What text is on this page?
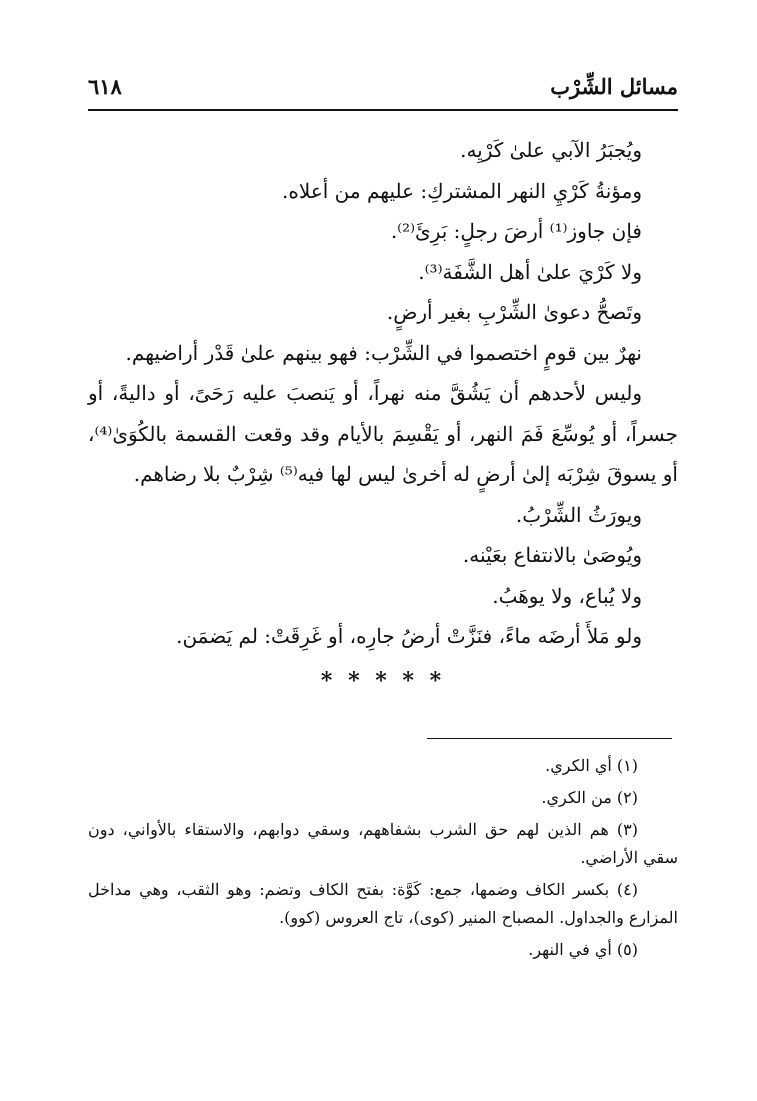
مسائل الشِّرْب
٦١٨

ويُجبَرُ الآبي علىٰ كَرْيِه.

ومؤنةُ كَرْيِ النهر المشتركِ: عليهم من أعلاه.

فإن جاوز⁽¹⁾ أرضَ رجلٍ: بَرِئَ⁽²⁾.

ولا كَرْيَ علىٰ أهل الشَّفَة⁽³⁾.

وتَصحُّ دعوىٰ الشِّرْبِ بغير أرضٍ.

نهرٌ بين قومٍ اختصموا في الشِّرْب: فهو بينهم علىٰ قَدْر أراضيهم.

وليس لأحدهم أن يَشُقَّ منه نهراً، أو يَنصبَ عليه رَحَىً، أو داليةً، أو جسراً، أو يُوسِّعَ فَمَ النهر، أو يَقْسِمَ بالأيام وقد وقعت القسمة بالكُوَىٰ⁽⁴⁾، أو يسوقَ شِرْبَه إلىٰ أرضٍ له أخرىٰ ليس لها فيه⁽⁵⁾ شِرْبٌ بلا رضاهم.

ويورَثُ الشِّرْبُ.

ويُوصَىٰ بالانتفاع بعَيْنه.

ولا يُباع، ولا يوهَبُ.

ولو مَلأَ أرضَه ماءً، فنَزَّتْ أرضُ جارِه، أو غَرِقَتْ: لم يَضمَن.

* * * * *

(١) أي الكري.

(٢) من الكري.

(٣) هم الذين لهم حق الشرب بشفاههم، وسقي دوابهم، والاستقاء بالأواني، دون سقي الأراضي.

(٤) بكسر الكاف وضمها، جمع: كَوَّة: بفتح الكاف وتضم: وهو الثقب، وهي مداخل المزارع والجداول. المصباح المنير (كوى)، تاج العروس (كوو).

(٥) أي في النهر.
